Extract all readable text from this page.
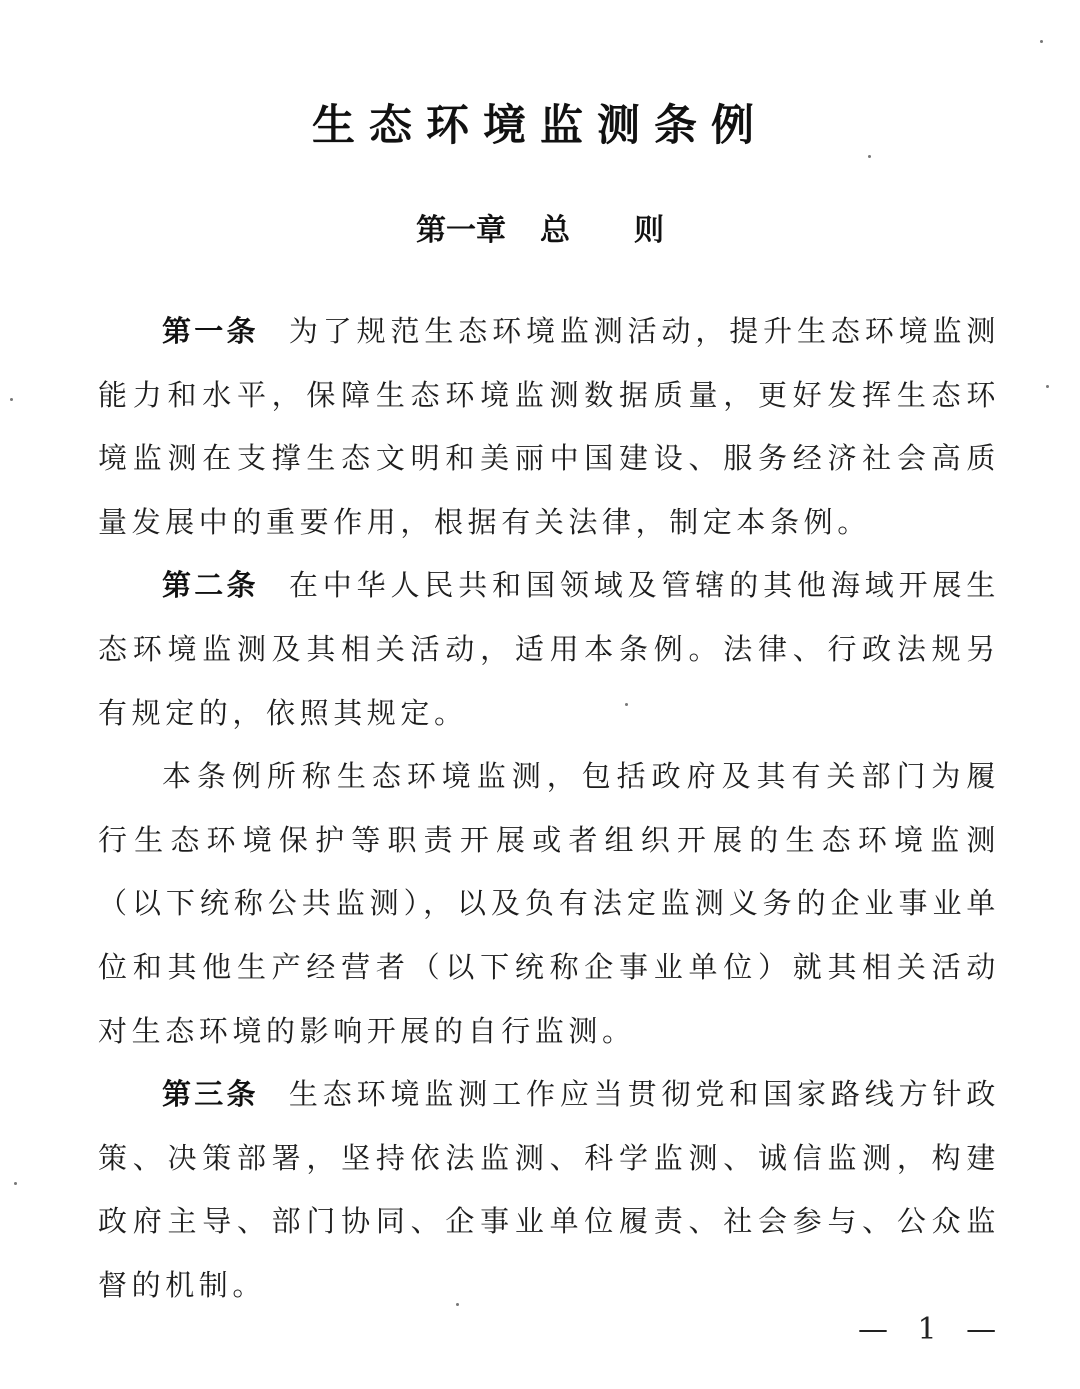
生态环境监测条例
第一章 总 则

第一条 为了规范生态环境监测活动，提升生态环境监测能力和水平，保障生态环境监测数据质量，更好发挥生态环境监测在支撑生态文明和美丽中国建设、服务经济社会高质量发展中的重要作用，根据有关法律，制定本条例。

第二条 在中华人民共和国领域及管辖的其他海域开展生态环境监测及其相关活动，适用本条例。法律、行政法规另有规定的，依照其规定。

本条例所称生态环境监测，包括政府及其有关部门为履行生态环境保护等职责开展或者组织开展的生态环境监测（以下统称公共监测），以及负有法定监测义务的企业事业单位和其他生产经营者（以下统称企事业单位）就其相关活动对生态环境的影响开展的自行监测。

第三条 生态环境监测工作应当贯彻党和国家路线方针政策、决策部署，坚持依法监测、科学监测、诚信监测，构建政府主导、部门协同、企事业单位履责、社会参与、公众监督的机制。

— 1 —
